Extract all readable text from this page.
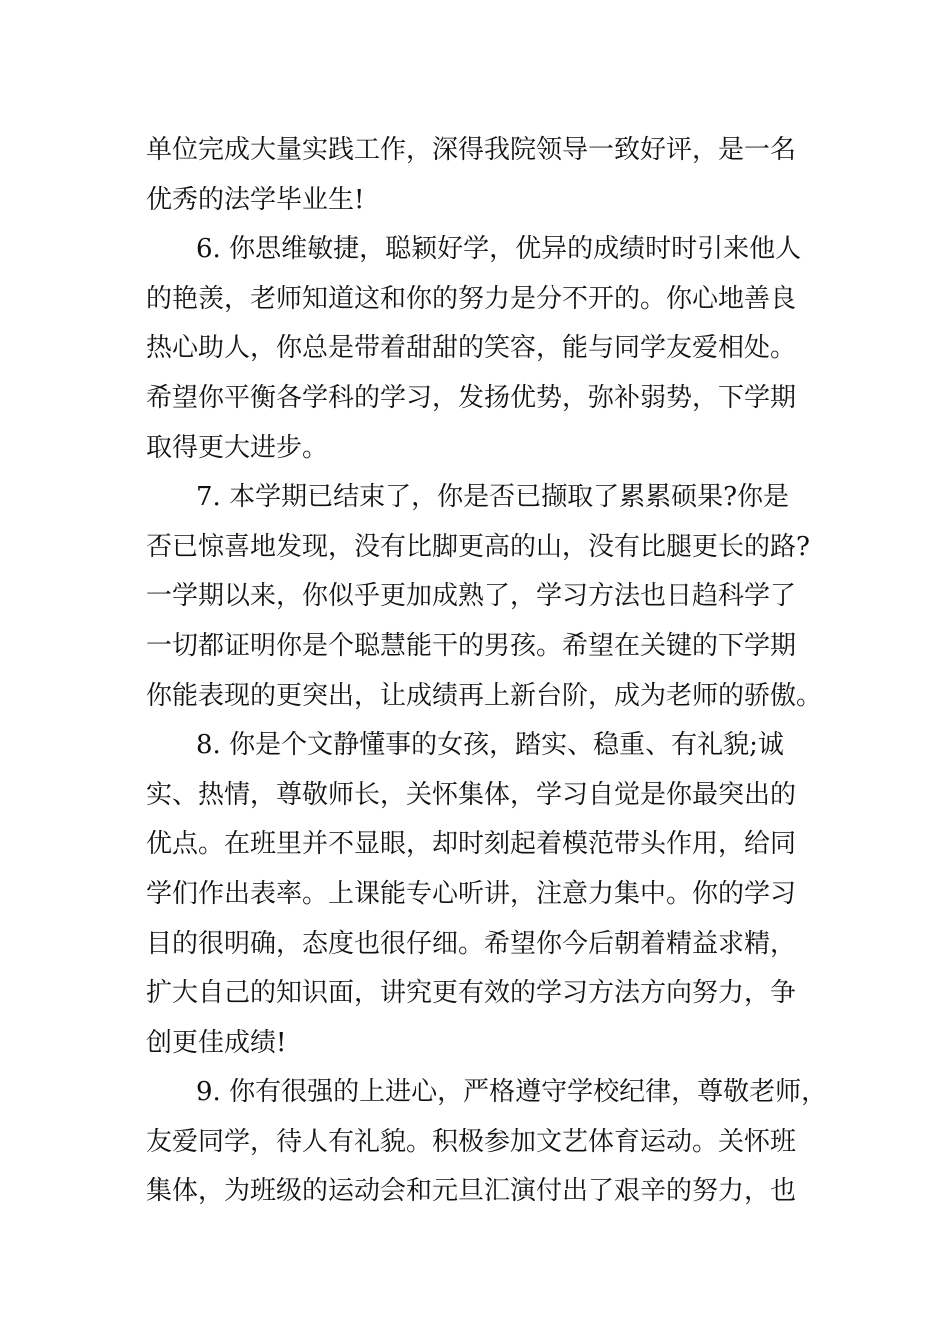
单位完成大量实践工作，深得我院领导一致好评，是一名
优秀的法学毕业生!
6. 你思维敏捷，聪颖好学，优异的成绩时时引来他人
的艳羡，老师知道这和你的努力是分不开的。你心地善良
热心助人，你总是带着甜甜的笑容，能与同学友爱相处。
希望你平衡各学科的学习，发扬优势，弥补弱势，下学期
取得更大进步。
7. 本学期已结束了，你是否已撷取了累累硕果?你是
否已惊喜地发现，没有比脚更高的山，没有比腿更长的路?
一学期以来，你似乎更加成熟了，学习方法也日趋科学了
一切都证明你是个聪慧能干的男孩。希望在关键的下学期
你能表现的更突出，让成绩再上新台阶，成为老师的骄傲。
8. 你是个文静懂事的女孩，踏实、稳重、有礼貌;诚
实、热情，尊敬师长，关怀集体，学习自觉是你最突出的
优点。在班里并不显眼，却时刻起着模范带头作用，给同
学们作出表率。上课能专心听讲，注意力集中。你的学习
目的很明确，态度也很仔细。希望你今后朝着精益求精，
扩大自己的知识面，讲究更有效的学习方法方向努力，争
创更佳成绩!
9. 你有很强的上进心，严格遵守学校纪律，尊敬老师，
友爱同学，待人有礼貌。积极参加文艺体育运动。关怀班
集体，为班级的运动会和元旦汇演付出了艰辛的努力，也
